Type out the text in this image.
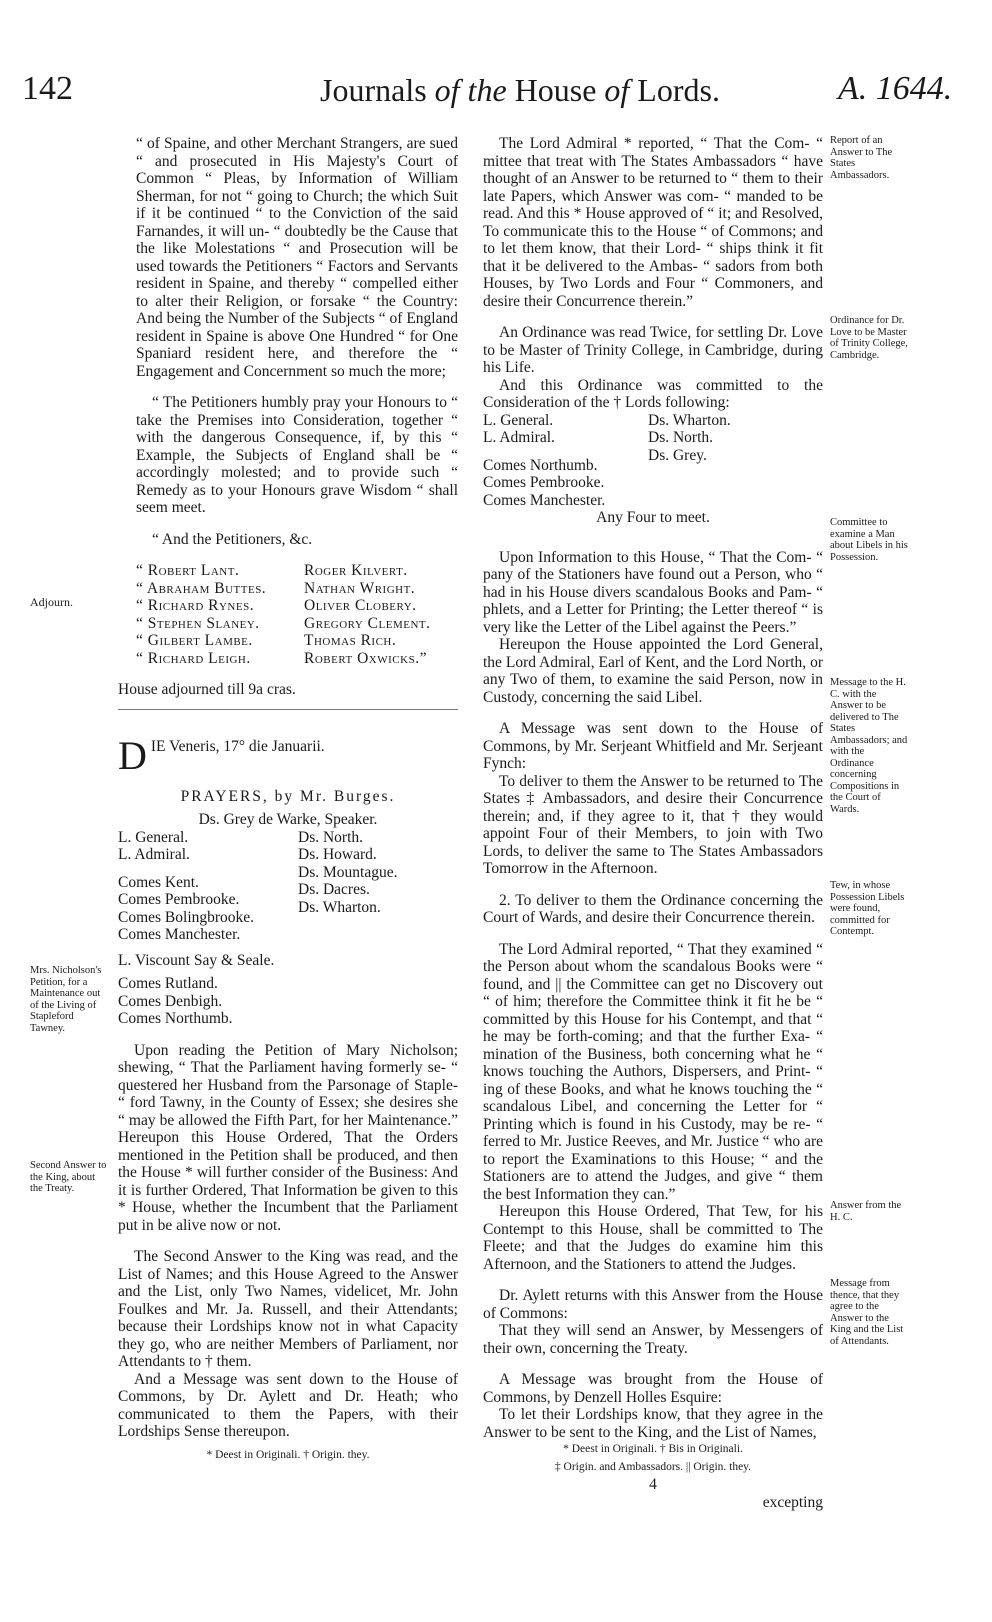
142	Journals of the House of Lords.	A. 1644.

“ of Spaine, and other Merchant Strangers, are sued “ and prosecuted in His Majesty's Court of Common “ Pleas, by Information of William Sherman, for not “ going to Church; the which Suit if it be continued “ to the Conviction of the said Farnandes, it will un- “ doubtedly be the Cause that the like Molestations “ and Prosecution will be used towards the Petitioners “ Factors and Servants resident in Spaine, and thereby “ compelled either to alter their Religion, or forsake “ the Country: And being the Number of the Subjects “ of England resident in Spaine is above One Hundred “ for One Spaniard resident here, and therefore the “ Engagement and Concernment so much the more;

“ The Petitioners humbly pray your Honours to “ take the Premises into Consideration, together “ with the dangerous Consequence, if, by this “ Example, the Subjects of England shall be “ accordingly molested; and to provide such “ Remedy as to your Honours grave Wisdom “ shall seem meet.

“ And the Petitioners, &c.

“ Robert Lant.
“ Abraham Buttes.
“ Richard Rynes.
“ Stephen Slaney.
“ Gilbert Lambe.
“ Richard Leigh.
Roger Kilvert.
Nathan Wright.
Oliver Clobery.
Gregory Clement.
Thomas Rich.
Robert Oxwicks.”

House adjourned till 9a cras.

D IE Veneris, 17° die Januarii.

PRAYERS, by Mr. Burges.

Ds. Grey de Warke, Speaker.

L. General.
L. Admiral.
Comes Kent.
Comes Pembrooke.
Comes Bolingbrooke.
Comes Manchester.
Ds. North.
Ds. Howard.
Ds. Mountague.
Ds. Dacres.
Ds. Wharton.

L. Viscount Say & Seale.

Comes Rutland.
Comes Denbigh.
Comes Northumb.

Upon reading the Petition of Mary Nicholson; shewing, “ That the Parliament having formerly se- “ questered her Husband from the Parsonage of Staple- “ ford Tawny, in the County of Essex; she desires she “ may be allowed the Fifth Part, for her Maintenance.” Hereupon this House Ordered, That the Orders mentioned in the Petition shall be produced, and then the House * will further consider of the Business: And it is further Ordered, That Information be given to this * House, whether the Incumbent that the Parliament put in be alive now or not.

The Second Answer to the King was read, and the List of Names; and this House Agreed to the Answer and the List, only Two Names, videlicet, Mr. John Foulkes and Mr. Ja. Russell, and their Attendants; because their Lordships know not in what Capacity they go, who are neither Members of Parliament, nor Attendants to † them.

And a Message was sent down to the House of Commons, by Dr. Aylett and Dr. Heath; who communicated to them the Papers, with their Lordships Sense thereupon.

* Deest in Originali. † Origin. they.

The Lord Admiral * reported, “ That the Com- “ mittee that treat with The States Ambassadors “ have thought of an Answer to be returned to “ them to their late Papers, which Answer was com- “ manded to be read. And this * House approved of “ it; and Resolved, To communicate this to the House “ of Commons; and to let them know, that their Lord- “ ships think it fit that it be delivered to the Ambas- “ sadors from both Houses, by Two Lords and Four “ Commoners, and desire their Concurrence therein.”

An Ordinance was read Twice, for settling Dr. Love to be Master of Trinity College, in Cambridge, during his Life.

And this Ordinance was committed to the Consideration of the † Lords following:

L. General.
L. Admiral.
Comes Northumb.
Comes Pembrooke.
Comes Manchester.
Ds. Wharton.
Ds. North.
Ds. Grey.

Any Four to meet.

Upon Information to this House, “ That the Com- “ pany of the Stationers have found out a Person, who “ had in his House divers scandalous Books and Pam- “ phlets, and a Letter for Printing; the Letter thereof “ is very like the Letter of the Libel against the Peers.”

Hereupon the House appointed the Lord General, the Lord Admiral, Earl of Kent, and the Lord North, or any Two of them, to examine the said Person, now in Custody, concerning the said Libel.

A Message was sent down to the House of Commons, by Mr. Serjeant Whitfield and Mr. Serjeant Fynch:

To deliver to them the Answer to be returned to The States ‡ Ambassadors, and desire their Concurrence therein; and, if they agree to it, that † they would appoint Four of their Members, to join with Two Lords, to deliver the same to The States Ambassadors Tomorrow in the Afternoon.

2. To deliver to them the Ordinance concerning the Court of Wards, and desire their Concurrence therein.

The Lord Admiral reported, “ That they examined “ the Person about whom the scandalous Books were “ found, and || the Committee can get no Discovery out “ of him; therefore the Committee think it fit he be “ committed by this House for his Contempt, and that “ he may be forth-coming; and that the further Exa- “ mination of the Business, both concerning what he “ knows touching the Authors, Dispersers, and Print- “ ing of these Books, and what he knows touching the “ scandalous Libel, and concerning the Letter for “ Printing which is found in his Custody, may be re- “ ferred to Mr. Justice Reeves, and Mr. Justice “ who are to report the Examinations to this House; “ and the Stationers are to attend the Judges, and give “ them the best Information they can.”

Hereupon this House Ordered, That Tew, for his Contempt to this House, shall be committed to The Fleete; and that the Judges do examine him this Afternoon, and the Stationers to attend the Judges.

Dr. Aylett returns with this Answer from the House of Commons:

That they will send an Answer, by Messengers of their own, concerning the Treaty.

A Message was brought from the House of Commons, by Denzell Holles Esquire:

To let their Lordships know, that they agree in the Answer to be sent to the King, and the List of Names,

* Deest in Originali. † Bis in Originali.

‡ Origin. and Ambassadors. || Origin. they.

4

excepting

Adjourn.
Mrs. Nicholson's Petition, for a Maintenance out of the Living of Stapleford Tawney.
Second Answer to the King, about the Treaty.
Report of an Answer to The States Ambassadors.
Ordinance for Dr. Love to be Master of Trinity College, Cambridge.
Committee to examine a Man about Libels in his Possession.
Message to the H. C. with the Answer to be delivered to The States Ambassadors; and with the Ordinance concerning Compositions in the Court of Wards.
Tew, in whose Possession Libels were found, committed for Contempt.
Answer from the H. C.
Message from thence, that they agree to the Answer to the King and the List of Attendants.
